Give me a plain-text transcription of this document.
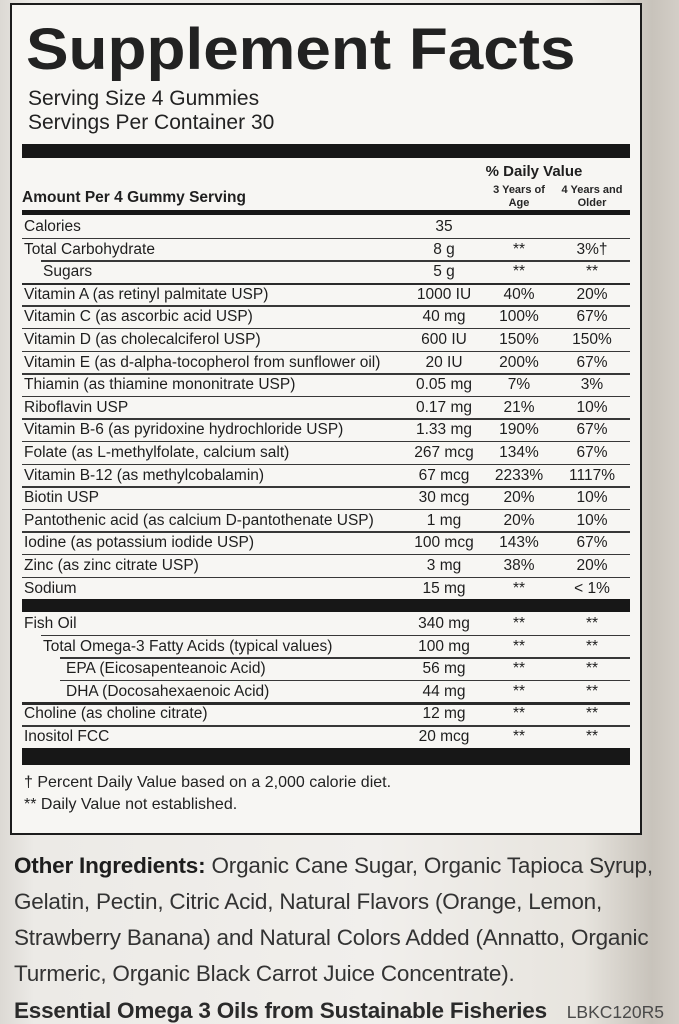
Supplement Facts
Serving Size 4 Gummies
Servings Per Container 30
% Daily Value
3 Years of
Age
4 Years and
Older
Amount Per 4 Gummy Serving
Calories	35
Total Carbohydrate	8 g	**	3%†
Sugars	5 g	**	**
Vitamin A (as retinyl palmitate USP)	1000 IU	40%	20%
Vitamin C (as ascorbic acid USP)	40 mg	100%	67%
Vitamin D (as cholecalciferol USP)	600 IU	150%	150%
Vitamin E (as d-alpha-tocopherol from sunflower oil)	20 IU	200%	67%
Thiamin (as thiamine mononitrate USP)	0.05 mg	7%	3%
Riboflavin USP	0.17 mg	21%	10%
Vitamin B-6 (as pyridoxine hydrochloride USP)	1.33 mg	190%	67%
Folate (as L-methylfolate, calcium salt)	267 mcg	134%	67%
Vitamin B-12 (as methylcobalamin)	67 mcg	2233%	1117%
Biotin USP	30 mcg	20%	10%
Pantothenic acid (as calcium D-pantothenate USP)	1 mg	20%	10%
Iodine (as potassium iodide USP)	100 mcg	143%	67%
Zinc (as zinc citrate USP)	3 mg	38%	20%
Sodium	15 mg	**	< 1%
Fish Oil	340 mg	**	**
Total Omega-3 Fatty Acids (typical values)	100 mg	**	**
EPA (Eicosapenteanoic Acid)	56 mg	**	**
DHA (Docosahexaenoic Acid)	44 mg	**	**
Choline (as choline citrate)	12 mg	**	**
Inositol FCC	20 mcg	**	**
† Percent Daily Value based on a 2,000 calorie diet.
** Daily Value not established.
Other Ingredients: Organic Cane Sugar, Organic Tapioca Syrup, Gelatin, Pectin, Citric Acid, Natural Flavors (Orange, Lemon, Strawberry Banana) and Natural Colors Added (Annatto, Organic Turmeric, Organic Black Carrot Juice Concentrate).
Essential Omega 3 Oils from Sustainable Fisheries LBKC120R5
